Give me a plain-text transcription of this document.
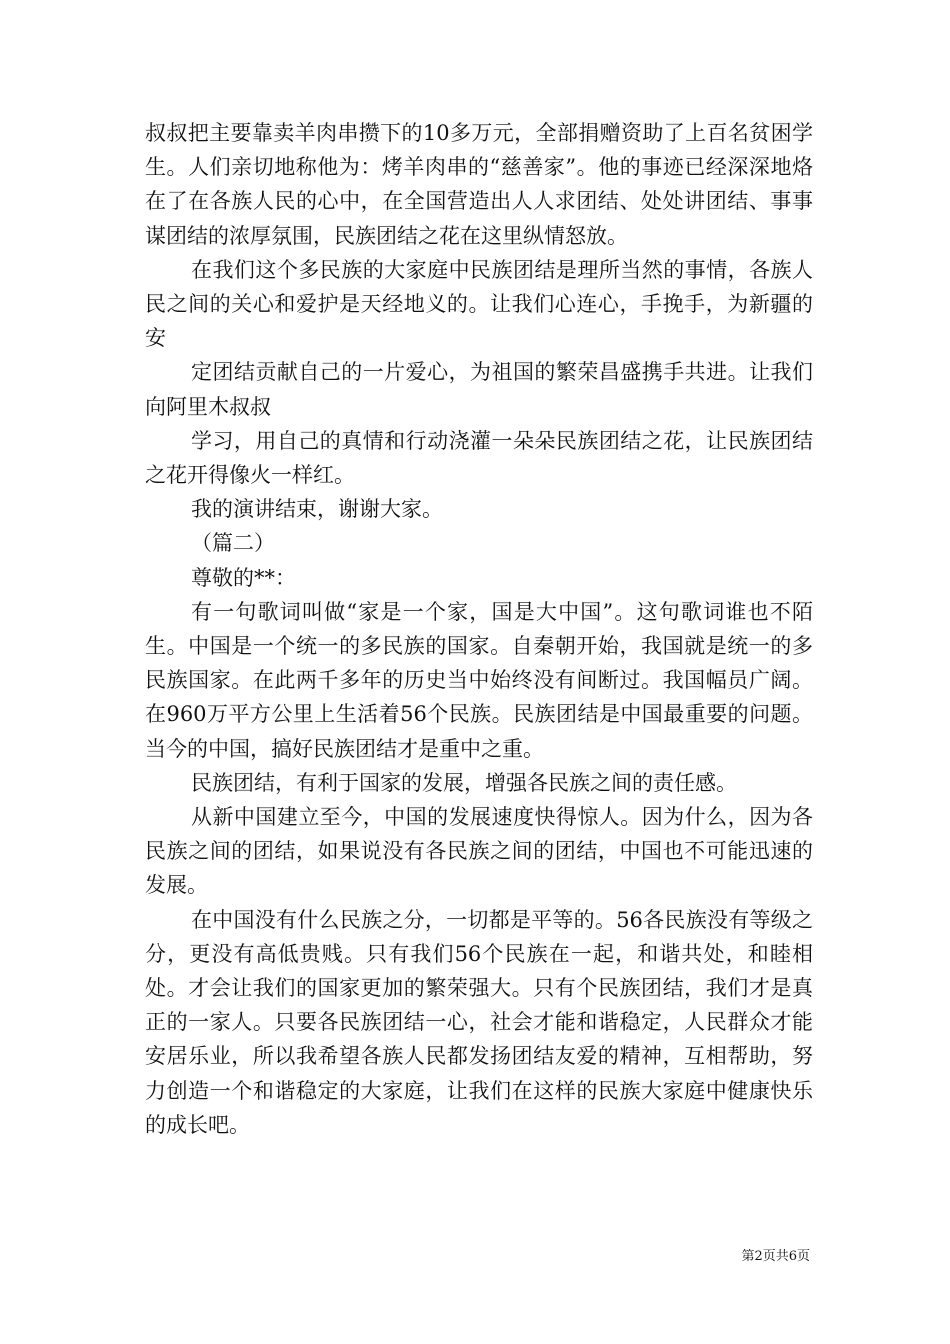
叔叔把主要靠卖羊肉串攒下的10多万元，全部捐赠资助了上百名贫困学生。人们亲切地称他为：烤羊肉串的“慈善家”。他的事迹已经深深地烙在了在各族人民的心中，在全国营造出人人求团结、处处讲团结、事事谋团结的浓厚氛围，民族团结之花在这里纵情怒放。

在我们这个多民族的大家庭中民族团结是理所当然的事情，各族人民之间的关心和爱护是天经地义的。让我们心连心，手挽手，为新疆的安

定团结贡献自己的一片爱心，为祖国的繁荣昌盛携手共进。让我们向阿里木叔叔

学习，用自己的真情和行动浇灌一朵朵民族团结之花，让民族团结之花开得像火一样红。

我的演讲结束，谢谢大家。

（篇二）

尊敬的**：

有一句歌词叫做“家是一个家，国是大中国”。这句歌词谁也不陌生。中国是一个统一的多民族的国家。自秦朝开始，我国就是统一的多民族国家。在此两千多年的历史当中始终没有间断过。我国幅员广阔。在960万平方公里上生活着56个民族。民族团结是中国最重要的问题。当今的中国，搞好民族团结才是重中之重。

民族团结，有利于国家的发展，增强各民族之间的责任感。

从新中国建立至今，中国的发展速度快得惊人。因为什么，因为各民族之间的团结，如果说没有各民族之间的团结，中国也不可能迅速的发展。

在中国没有什么民族之分，一切都是平等的。56各民族没有等级之分，更没有高低贵贱。只有我们56个民族在一起，和谐共处，和睦相处。才会让我们的国家更加的繁荣强大。只有个民族团结，我们才是真正的一家人。只要各民族团结一心，社会才能和谐稳定，人民群众才能安居乐业，所以我希望各族人民都发扬团结友爱的精神，互相帮助，努力创造一个和谐稳定的大家庭，让我们在这样的民族大家庭中健康快乐的成长吧。

第2页共6页
